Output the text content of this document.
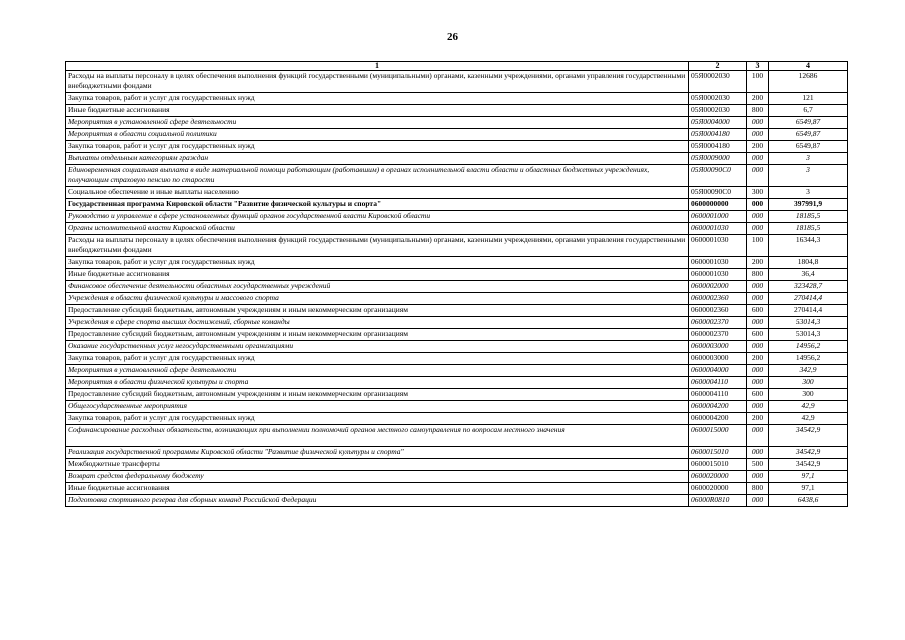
26
1	2	3	4
Расходы на выплаты персоналу в целях обеспечения выполнения функций государственными (муниципальными) органами, казенными учреждениями, органами управления государственными внебюджетными фондами	05Я0002030	100	12686
Закупка товаров, работ и услуг для государственных нужд	05Я0002030	200	121
Иные бюджетные ассигнования	05Я0002030	800	6,7
Мероприятия в установленной сфере деятельности	05Я0004000	000	6549,87
Мероприятия в области социальной политики	05Я0004180	000	6549,87
Закупка товаров, работ и услуг для государственных нужд	05Я0004180	200	6549,87
Выплаты отдельным категориям граждан	05Я0009000	000	3
Единовременная социальная выплата в виде материальной помощи работающим (работавшим) в органах исполнительной власти области и областных бюджетных учреждениях, получающим страховую пенсию по старости	05Я00090С0	000	3
Социальное обеспечение и иные выплаты населению	05Я00090С0	300	3
Государственная программа Кировской области "Развитие физической культуры и спорта"	0600000000	000	397991,9
Руководство и управление в сфере установленных функций органов государственной власти Кировской области	0600001000	000	18185,5
Органы исполнительной власти Кировской области	0600001030	000	18185,5
Расходы на выплаты персоналу в целях обеспечения выполнения функций государственными (муниципальными) органами, казенными учреждениями, органами управления государственными внебюджетными фондами	0600001030	100	16344,3
Закупка товаров, работ и услуг для государственных нужд	0600001030	200	1804,8
Иные бюджетные ассигнования	0600001030	800	36,4
Финансовое обеспечение деятельности областных государственных учреждений	0600002000	000	323428,7
Учреждения в области физической культуры и массового спорта	0600002360	000	270414,4
Предоставление субсидий бюджетным, автономным учреждениям и иным некоммерческим организациям	0600002360	600	270414,4
Учреждения в сфере спорта высших достижений, сборные команды	0600002370	000	53014,3
Предоставление субсидий бюджетным, автономным учреждениям и иным некоммерческим организациям	0600002370	600	53014,3
Оказание государственных услуг негосударственными организациями	0600003000	000	14956,2
Закупка товаров, работ и услуг для государственных нужд	0600003000	200	14956,2
Мероприятия в установленной сфере деятельности	0600004000	000	342,9
Мероприятия в области физической культуры и спорта	0600004110	000	300
Предоставление субсидий бюджетным, автономным учреждениям и иным некоммерческим организациям	0600004110	600	300
Общегосударственные мероприятия	0600004200	000	42,9
Закупка товаров, работ и услуг для государственных нужд	0600004200	200	42,9
Софинансирование расходных обязательств, возникающих при выполнении полномочий органов местного самоуправления по вопросам местного значения	0600015000	000	34542,9
Реализация государственной программы Кировской области "Развитие физической культуры и спорта"	0600015010	000	34542,9
Межбюджетные трансферты	0600015010	500	34542,9
Возврат средств федеральному бюджету	0600020000	000	97,1
Иные бюджетные ассигнования	0600020000	800	97,1
Подготовка спортивного резерва для сборных команд Российской Федерации	06000R0810	000	6438,6
